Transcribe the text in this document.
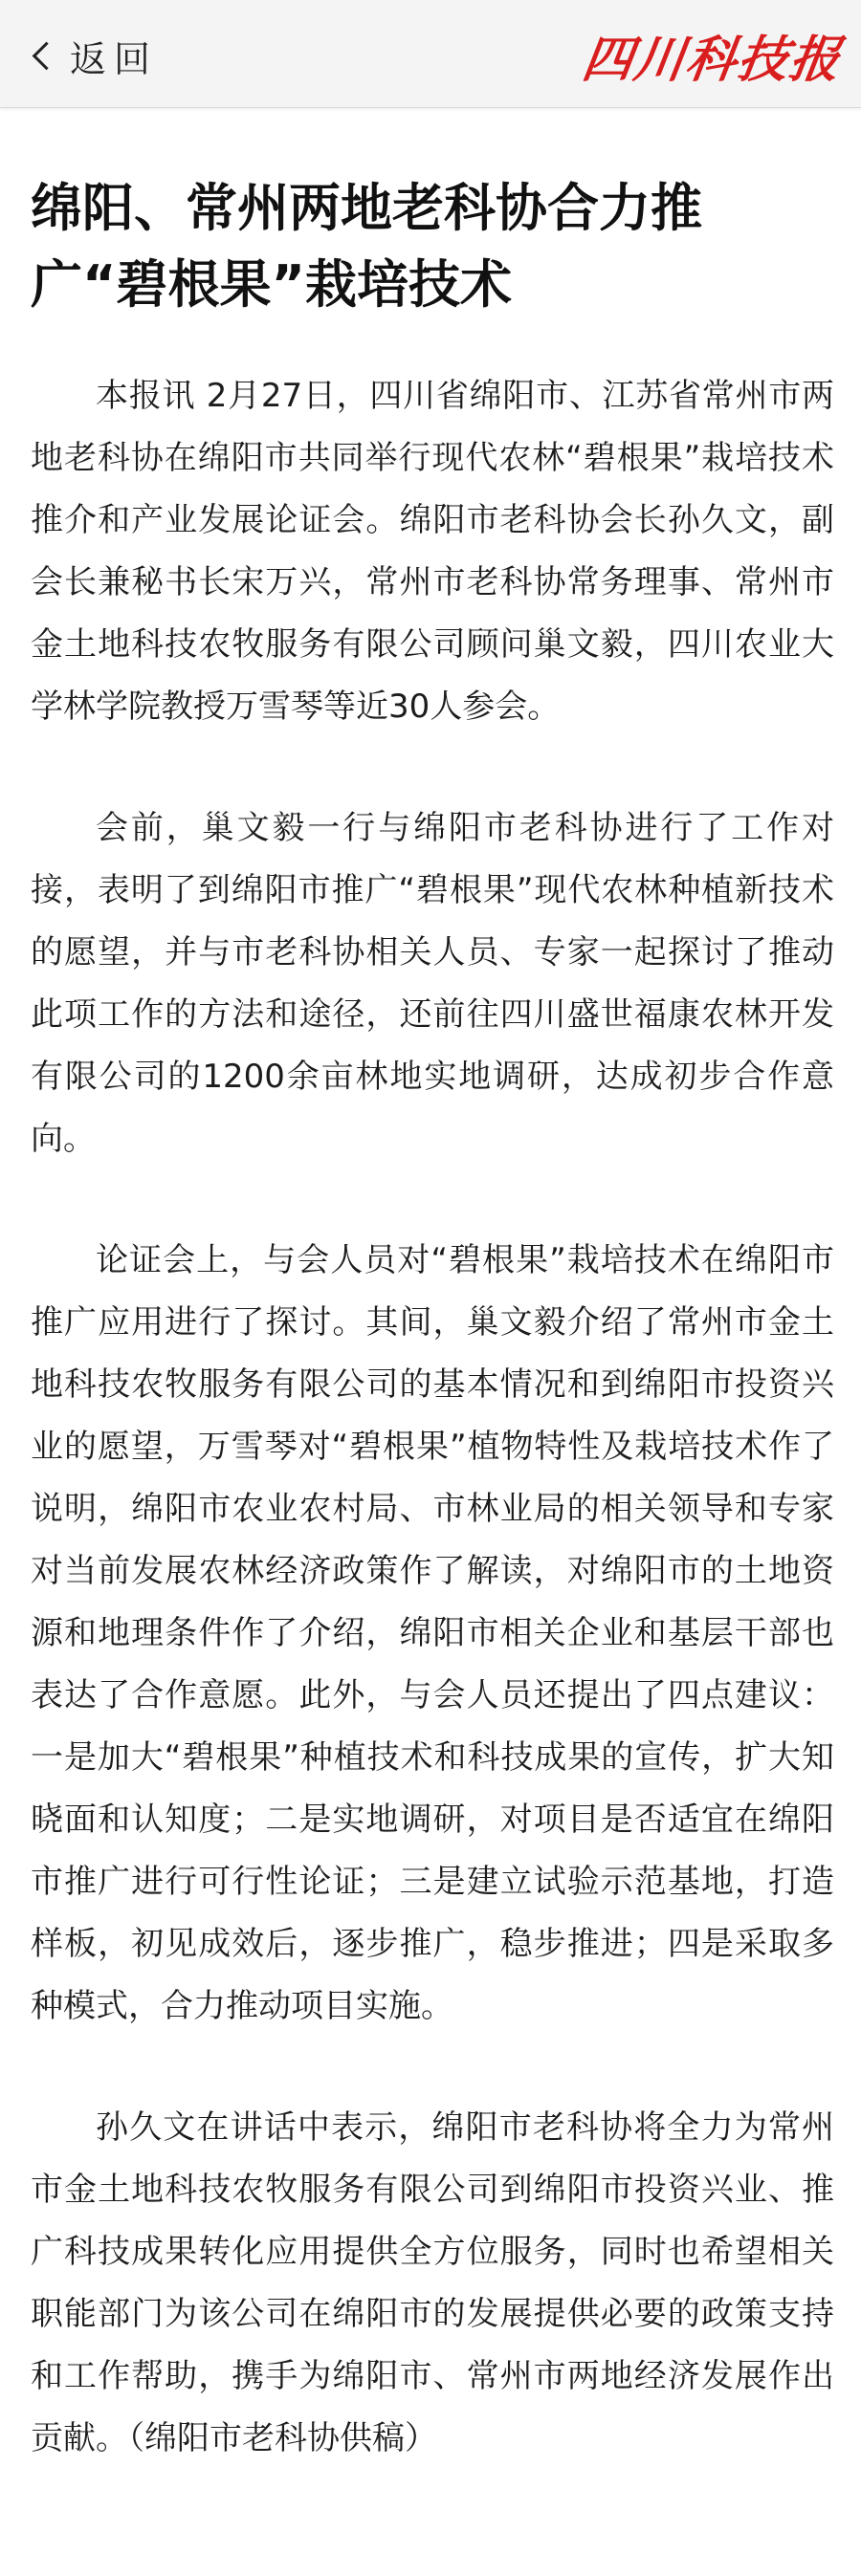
返回	四川科技报
绵阳、常州两地老科协合力推广“碧根果”栽培技术

本报讯 2月27日，四川省绵阳市、江苏省常州市两地老科协在绵阳市共同举行现代农林“碧根果”栽培技术推介和产业发展论证会。绵阳市老科协会长孙久文，副会长兼秘书长宋万兴，常州市老科协常务理事、常州市金土地科技农牧服务有限公司顾问巢文毅，四川农业大学林学院教授万雪琴等近30人参会。

会前，巢文毅一行与绵阳市老科协进行了工作对接，表明了到绵阳市推广“碧根果”现代农林种植新技术的愿望，并与市老科协相关人员、专家一起探讨了推动此项工作的方法和途径，还前往四川盛世福康农林开发有限公司的1200余亩林地实地调研，达成初步合作意向。

论证会上，与会人员对“碧根果”栽培技术在绵阳市推广应用进行了探讨。其间，巢文毅介绍了常州市金土地科技农牧服务有限公司的基本情况和到绵阳市投资兴业的愿望，万雪琴对“碧根果”植物特性及栽培技术作了说明，绵阳市农业农村局、市林业局的相关领导和专家对当前发展农林经济政策作了解读，对绵阳市的土地资源和地理条件作了介绍，绵阳市相关企业和基层干部也表达了合作意愿。此外，与会人员还提出了四点建议：一是加大“碧根果”种植技术和科技成果的宣传，扩大知晓面和认知度；二是实地调研，对项目是否适宜在绵阳市推广进行可行性论证；三是建立试验示范基地，打造样板，初见成效后，逐步推广，稳步推进；四是采取多种模式，合力推动项目实施。

孙久文在讲话中表示，绵阳市老科协将全力为常州市金土地科技农牧服务有限公司到绵阳市投资兴业、推广科技成果转化应用提供全方位服务，同时也希望相关职能部门为该公司在绵阳市的发展提供必要的政策支持和工作帮助，携手为绵阳市、常州市两地经济发展作出贡献。（绵阳市老科协供稿）
